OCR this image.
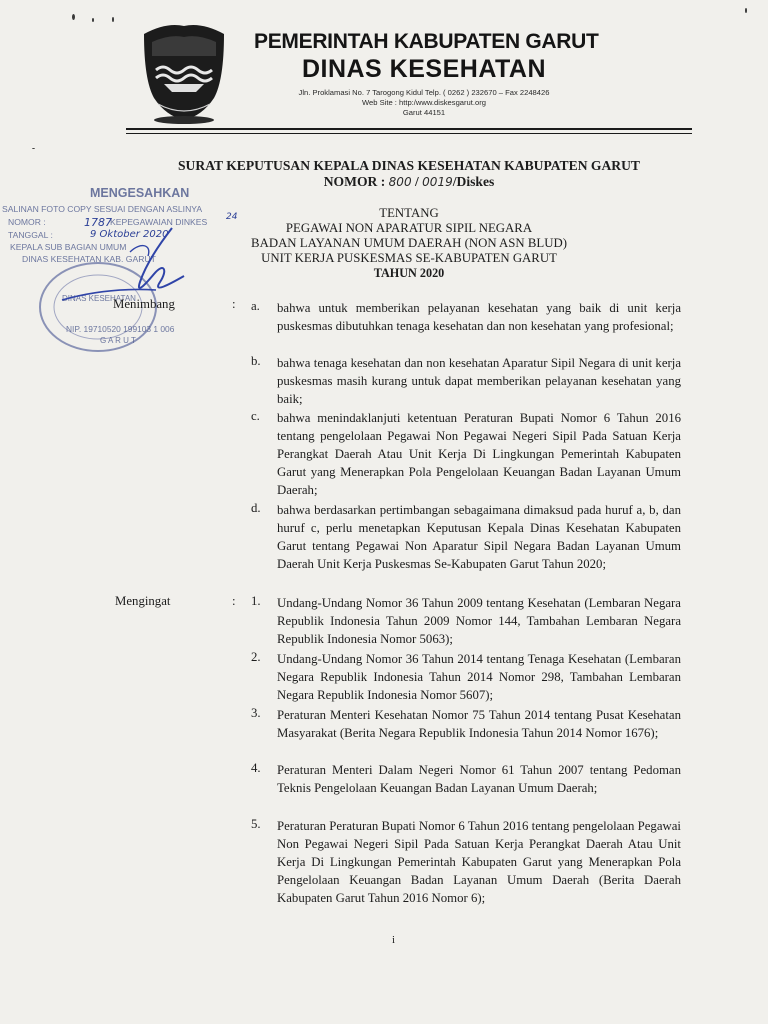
PEMERINTAH KABUPATEN GARUT
DINAS KESEHATAN
Jln. Proklamasi No. 7 Tarogong Kidul Telp. ( 0262 ) 232670 – Fax 2248426
Web Site : http:/www.diskesgarut.org
Garut 44151
SURAT KEPUTUSAN KEPALA DINAS KESEHATAN KABUPATEN GARUT
NOMOR : 800 / 0019/Diskes
TENTANG
PEGAWAI NON APARATUR SIPIL NEGARA
BADAN LAYANAN UMUM DAERAH (NON ASN BLUD)
UNIT KERJA PUSKESMAS SE-KABUPATEN GARUT
TAHUN 2020
MENGESAHKAN
SALINAN FOTO COPY SESUAI DENGAN ASLINYA
NOMOR :	KEPEGAWAIAN DINKES
TANGGAL :
KEPALA SUB BAGIAN UMUM
DINAS KESEHATAN KAB. GARUT
DINAS KESEHATAN
NIP. 19710520 199103 1 006
G A R U T
1787	24
9 Oktober 2020
Menimbang	: a. bahwa untuk memberikan pelayanan kesehatan yang baik di unit kerja puskesmas dibutuhkan tenaga kesehatan dan non kesehatan yang profesional;
b. bahwa tenaga kesehatan dan non kesehatan Aparatur Sipil Negara di unit kerja puskesmas masih kurang untuk dapat memberikan pelayanan kesehatan yang baik;
c. bahwa menindaklanjuti ketentuan Peraturan Bupati Nomor 6 Tahun 2016 tentang pengelolaan Pegawai Non Pegawai Negeri Sipil Pada Satuan Kerja Perangkat Daerah Atau Unit Kerja Di Lingkungan Pemerintah Kabupaten Garut yang Menerapkan Pola Pengelolaan Keuangan Badan Layanan Umum Daerah;
d. bahwa berdasarkan pertimbangan sebagaimana dimaksud pada huruf a, b, dan huruf c, perlu menetapkan Keputusan Kepala Dinas Kesehatan Kabupaten Garut tentang Pegawai Non Aparatur Sipil Negara Badan Layanan Umum Daerah Unit Kerja Puskesmas Se-Kabupaten Garut Tahun 2020;
Mengingat	: 1. Undang-Undang Nomor 36 Tahun 2009 tentang Kesehatan (Lembaran Negara Republik Indonesia Tahun 2009 Nomor 144, Tambahan Lembaran Negara Republik Indonesia Nomor 5063);
2. Undang-Undang Nomor 36 Tahun 2014 tentang Tenaga Kesehatan (Lembaran Negara Republik Indonesia Tahun 2014 Nomor 298, Tambahan Lembaran Negara Republik Indonesia Nomor 5607);
3. Peraturan Menteri Kesehatan Nomor 75 Tahun 2014 tentang Pusat Kesehatan Masyarakat (Berita Negara Republik Indonesia Tahun 2014 Nomor 1676);
4. Peraturan Menteri Dalam Negeri Nomor 61 Tahun 2007 tentang Pedoman Teknis Pengelolaan Keuangan Badan Layanan Umum Daerah;
5. Peraturan Peraturan Bupati Nomor 6 Tahun 2016 tentang pengelolaan Pegawai Non Pegawai Negeri Sipil Pada Satuan Kerja Perangkat Daerah Atau Unit Kerja Di Lingkungan Pemerintah Kabupaten Garut yang Menerapkan Pola Pengelolaan Keuangan Badan Layanan Umum Daerah (Berita Daerah Kabupaten Garut Tahun 2016 Nomor 6);
i
